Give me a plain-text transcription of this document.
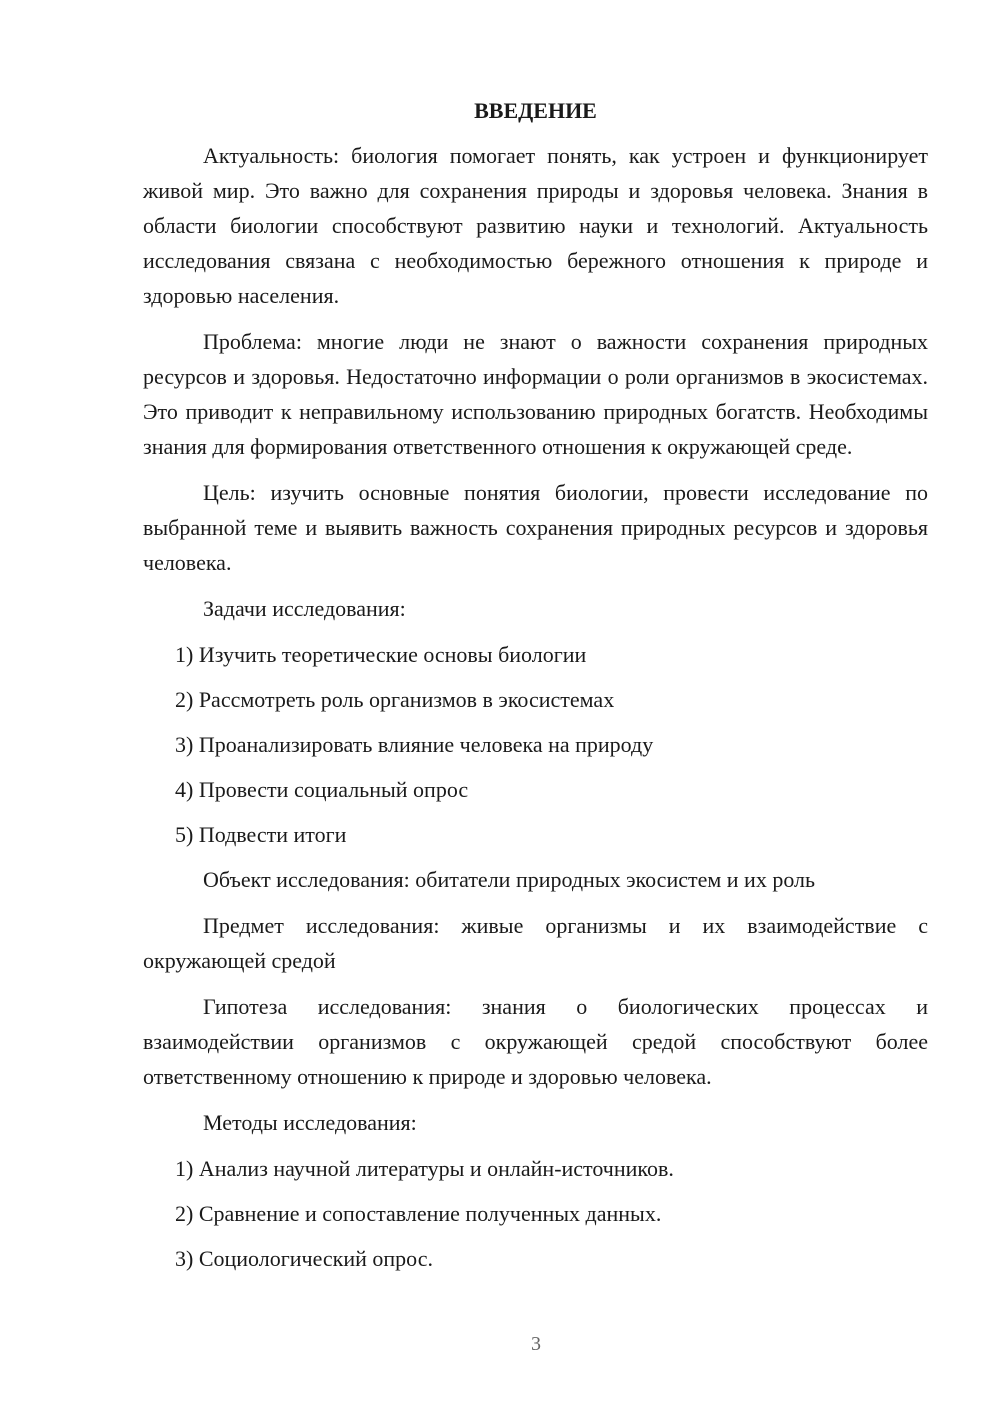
ВВЕДЕНИЕ

Актуальность: биология помогает понять, как устроен и функционирует живой мир. Это важно для сохранения природы и здоровья человека. Знания в области биологии способствуют развитию науки и технологий. Актуальность исследования связана с необходимостью бережного отношения к природе и здоровью населения.

Проблема: многие люди не знают о важности сохранения природных ресурсов и здоровья. Недостаточно информации о роли организмов в экосистемах. Это приводит к неправильному использованию природных богатств. Необходимы знания для формирования ответственного отношения к окружающей среде.

Цель: изучить основные понятия биологии, провести исследование по выбранной теме и выявить важность сохранения природных ресурсов и здоровья человека.

Задачи исследования:
1) Изучить теоретические основы биологии
2) Рассмотреть роль организмов в экосистемах
3) Проанализировать влияние человека на природу
4) Провести социальный опрос
5) Подвести итоги

Объект исследования: обитатели природных экосистем и их роль

Предмет исследования: живые организмы и их взаимодействие с окружающей средой

Гипотеза исследования: знания о биологических процессах и взаимодействии организмов с окружающей средой способствуют более ответственному отношению к природе и здоровью человека.

Методы исследования:
1) Анализ научной литературы и онлайн-источников.
2) Сравнение и сопоставление полученных данных.
3) Социологический опрос.
3
